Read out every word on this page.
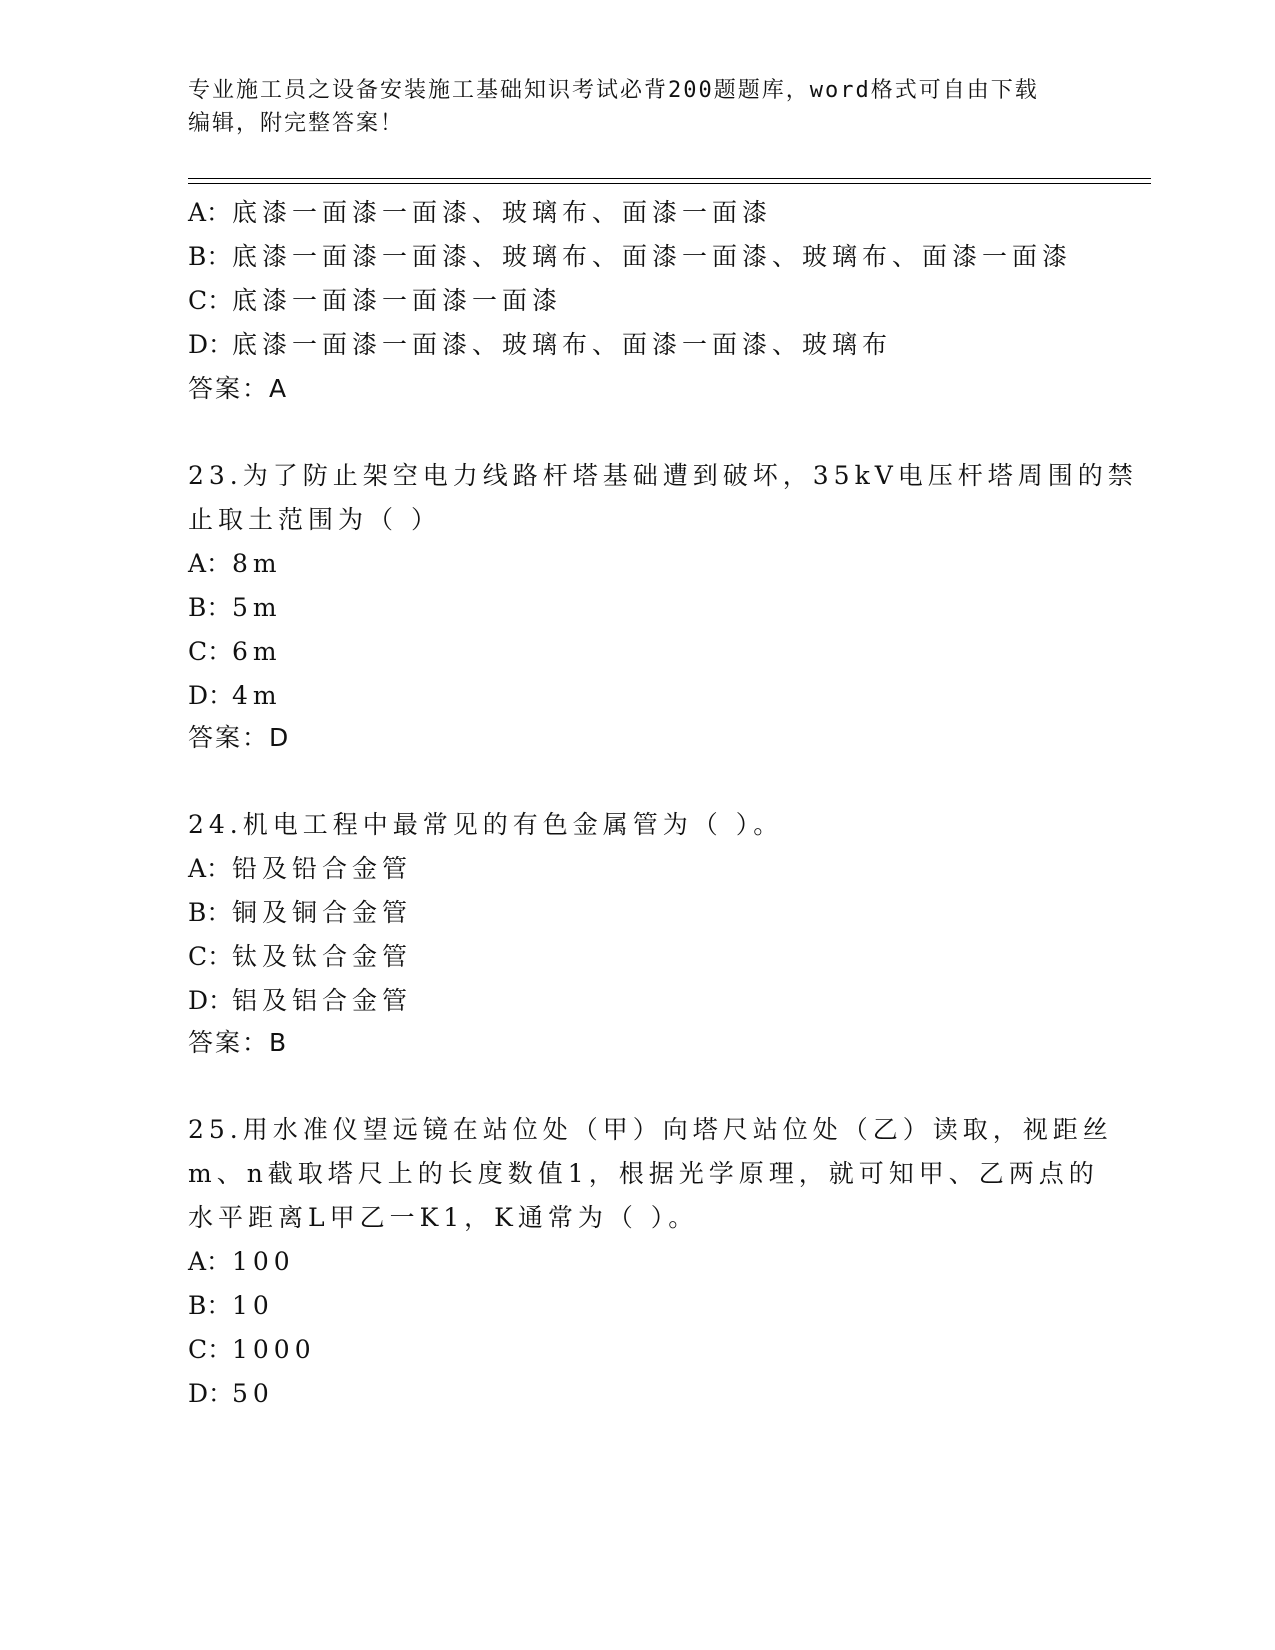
专业施工员之设备安装施工基础知识考试必背200题题库，word格式可自由下载
编辑，附完整答案！
A：底漆一面漆一面漆、玻璃布、面漆一面漆
B：底漆一面漆一面漆、玻璃布、面漆一面漆、玻璃布、面漆一面漆
C：底漆一面漆一面漆一面漆
D：底漆一面漆一面漆、玻璃布、面漆一面漆、玻璃布
答案：A
23.为了防止架空电力线路杆塔基础遭到破坏，35kV电压杆塔周围的禁
止取土范围为（ ）
A：8m
B：5m
C：6m
D：4m
答案：D
24.机电工程中最常见的有色金属管为（ ）。
A：铅及铅合金管
B：铜及铜合金管
C：钛及钛合金管
D：铝及铝合金管
答案：B
25.用水准仪望远镜在站位处（甲）向塔尺站位处（乙）读取，视距丝
m、n截取塔尺上的长度数值1，根据光学原理，就可知甲、乙两点的
水平距离L甲乙一K1，K通常为（ ）。
A：100
B：10
C：1000
D：50
